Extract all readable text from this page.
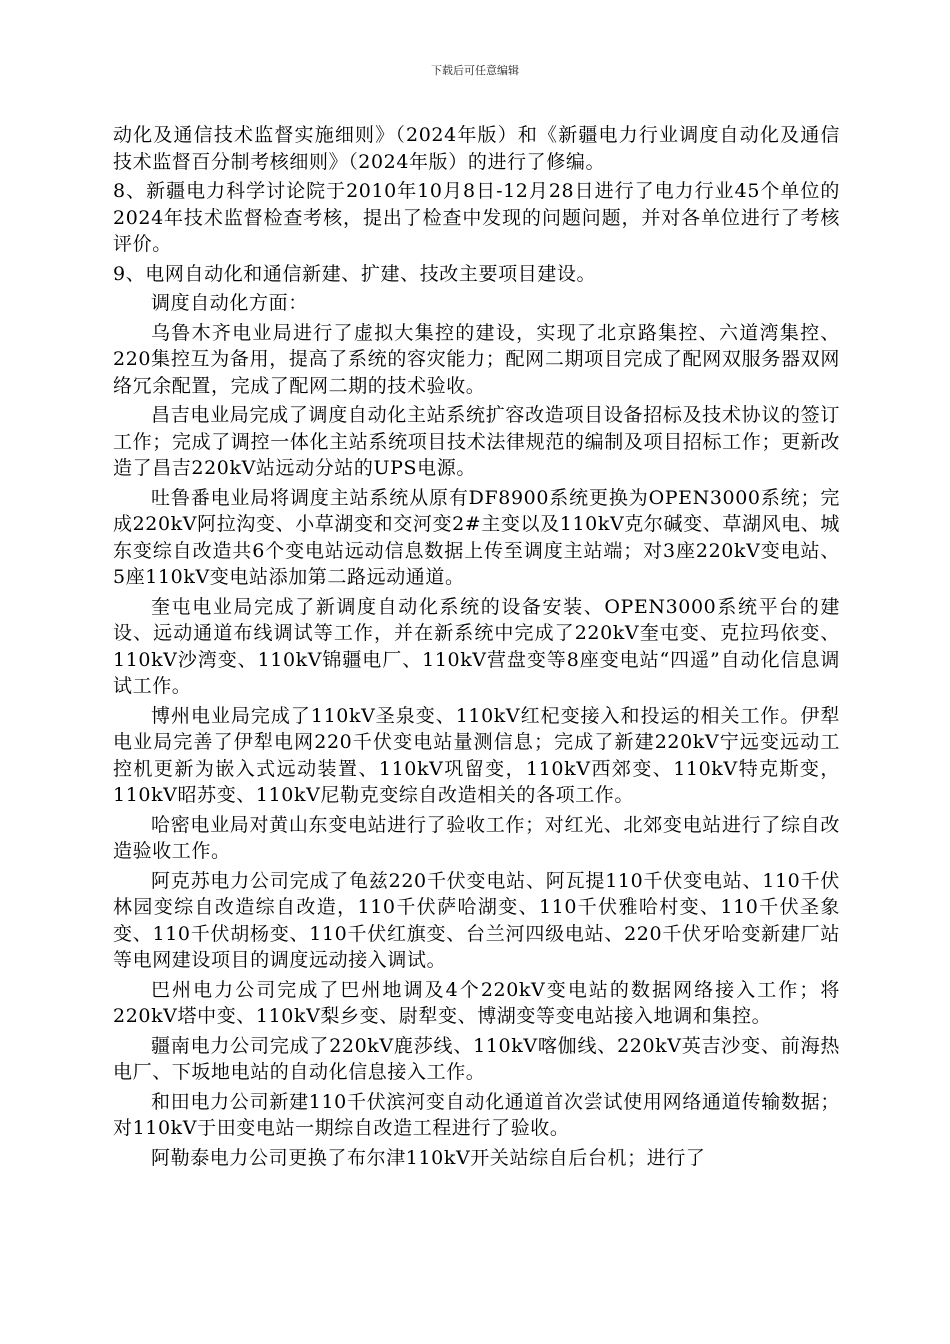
下载后可任意编辑

动化及通信技术监督实施细则》（2024年版）和《新疆电力行业调度自动化及通信技术监督百分制考核细则》（2024年版）的进行了修编。

8、新疆电力科学讨论院于2010年10月8日-12月28日进行了电力行业45个单位的2024年技术监督检查考核，提出了检查中发现的问题问题，并对各单位进行了考核评价。

9、电网自动化和通信新建、扩建、技改主要项目建设。

调度自动化方面：

乌鲁木齐电业局进行了虚拟大集控的建设，实现了北京路集控、六道湾集控、220集控互为备用，提高了系统的容灾能力；配网二期项目完成了配网双服务器双网络冗余配置，完成了配网二期的技术验收。

昌吉电业局完成了调度自动化主站系统扩容改造项目设备招标及技术协议的签订工作；完成了调控一体化主站系统项目技术法律规范的编制及项目招标工作；更新改造了昌吉220kV站远动分站的UPS电源。

吐鲁番电业局将调度主站系统从原有DF8900系统更换为OPEN3000系统；完成220kV阿拉沟变、小草湖变和交河变2#主变以及110kV克尔碱变、草湖风电、城东变综自改造共6个变电站远动信息数据上传至调度主站端；对3座220kV变电站、5座110kV变电站添加第二路远动通道。

奎屯电业局完成了新调度自动化系统的设备安装、OPEN3000系统平台的建设、远动通道布线调试等工作，并在新系统中完成了220kV奎屯变、克拉玛依变、110kV沙湾变、110kV锦疆电厂、110kV营盘变等8座变电站“四遥”自动化信息调试工作。

博州电业局完成了110kV圣泉变、110kV红杞变接入和投运的相关工作。伊犁电业局完善了伊犁电网220千伏变电站量测信息；完成了新建220kV宁远变远动工控机更新为嵌入式远动装置、110kV巩留变，110kV西郊变、110kV特克斯变，110kV昭苏变、110kV尼勒克变综自改造相关的各项工作。

哈密电业局对黄山东变电站进行了验收工作；对红光、北郊变电站进行了综自改造验收工作。

阿克苏电力公司完成了龟兹220千伏变电站、阿瓦提110千伏变电站、110千伏林园变综自改造综自改造，110千伏萨哈湖变、110千伏雅哈村变、110千伏圣象变、110千伏胡杨变、110千伏红旗变、台兰河四级电站、220千伏牙哈变新建厂站等电网建设项目的调度远动接入调试。

巴州电力公司完成了巴州地调及4个220kV变电站的数据网络接入工作；将220kV塔中变、110kV梨乡变、尉犁变、博湖变等变电站接入地调和集控。

疆南电力公司完成了220kV鹿莎线、110kV喀伽线、220kV英吉沙变、前海热电厂、下坂地电站的自动化信息接入工作。

和田电力公司新建110千伏滨河变自动化通道首次尝试使用网络通道传输数据；对110kV于田变电站一期综自改造工程进行了验收。

阿勒泰电力公司更换了布尔津110kV开关站综自后台机；进行了
